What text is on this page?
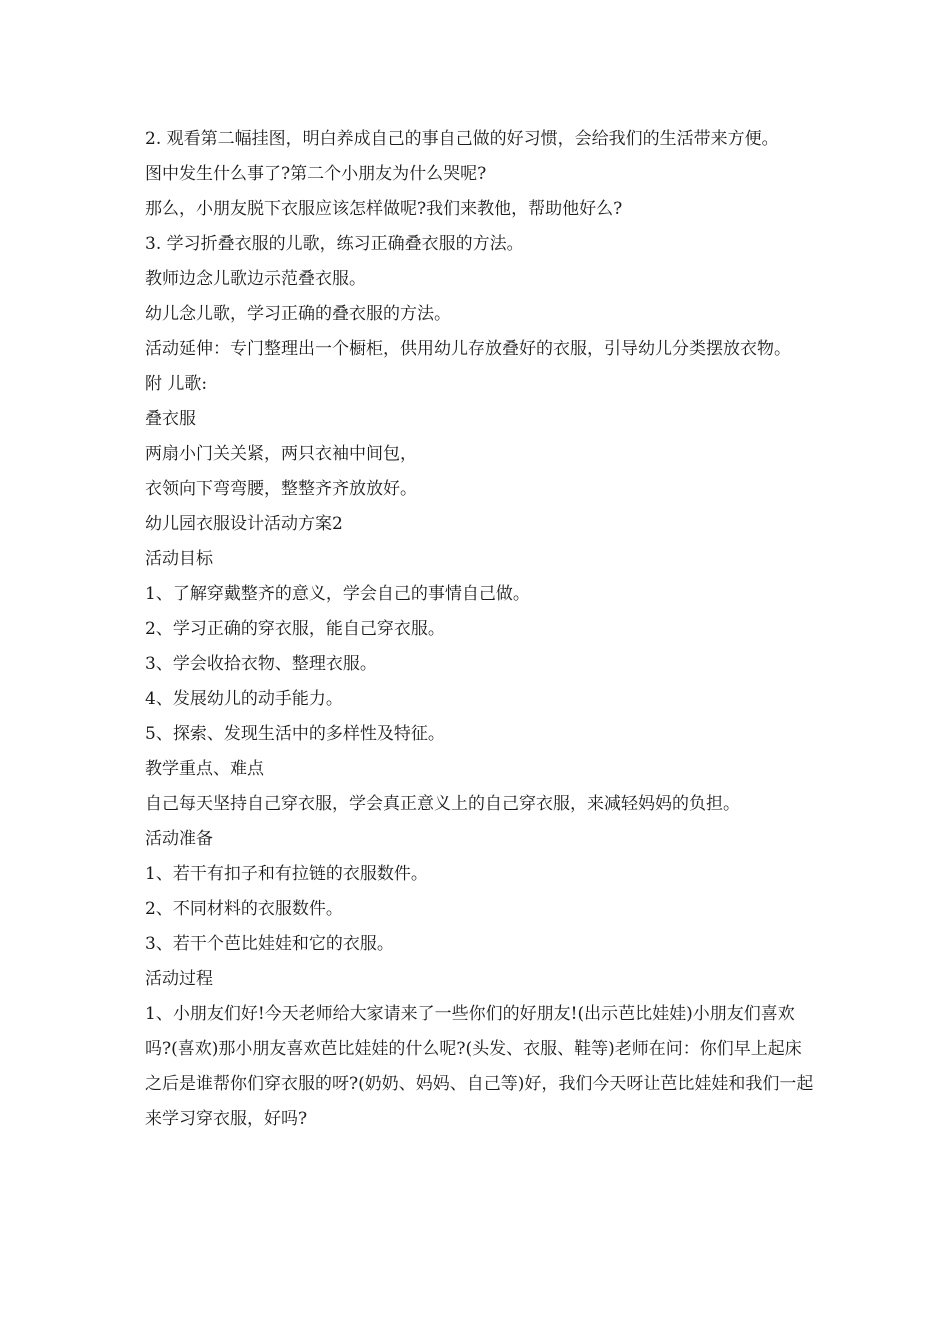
2. 观看第二幅挂图，明白养成自己的事自己做的好习惯，会给我们的生活带来方便。

图中发生什么事了?第二个小朋友为什么哭呢?

那么，小朋友脱下衣服应该怎样做呢?我们来教他，帮助他好么?

3. 学习折叠衣服的儿歌，练习正确叠衣服的方法。

教师边念儿歌边示范叠衣服。

幼儿念儿歌，学习正确的叠衣服的方法。

活动延伸：专门整理出一个橱柜，供用幼儿存放叠好的衣服，引导幼儿分类摆放衣物。

附 儿歌:

叠衣服

两扇小门关关紧，两只衣袖中间包，

衣领向下弯弯腰，整整齐齐放放好。

幼儿园衣服设计活动方案2

活动目标

1、了解穿戴整齐的意义，学会自己的事情自己做。

2、学习正确的穿衣服，能自己穿衣服。

3、学会收拾衣物、整理衣服。

4、发展幼儿的动手能力。

5、探索、发现生活中的多样性及特征。

教学重点、难点

自己每天坚持自己穿衣服，学会真正意义上的自己穿衣服，来减轻妈妈的负担。

活动准备

1、若干有扣子和有拉链的衣服数件。

2、不同材料的衣服数件。

3、若干个芭比娃娃和它的衣服。

活动过程

1、小朋友们好!今天老师给大家请来了一些你们的好朋友!(出示芭比娃娃)小朋友们喜欢吗?(喜欢)那小朋友喜欢芭比娃娃的什么呢?(头发、衣服、鞋等)老师在问：你们早上起床之后是谁帮你们穿衣服的呀?(奶奶、妈妈、自己等)好，我们今天呀让芭比娃娃和我们一起来学习穿衣服，好吗?
